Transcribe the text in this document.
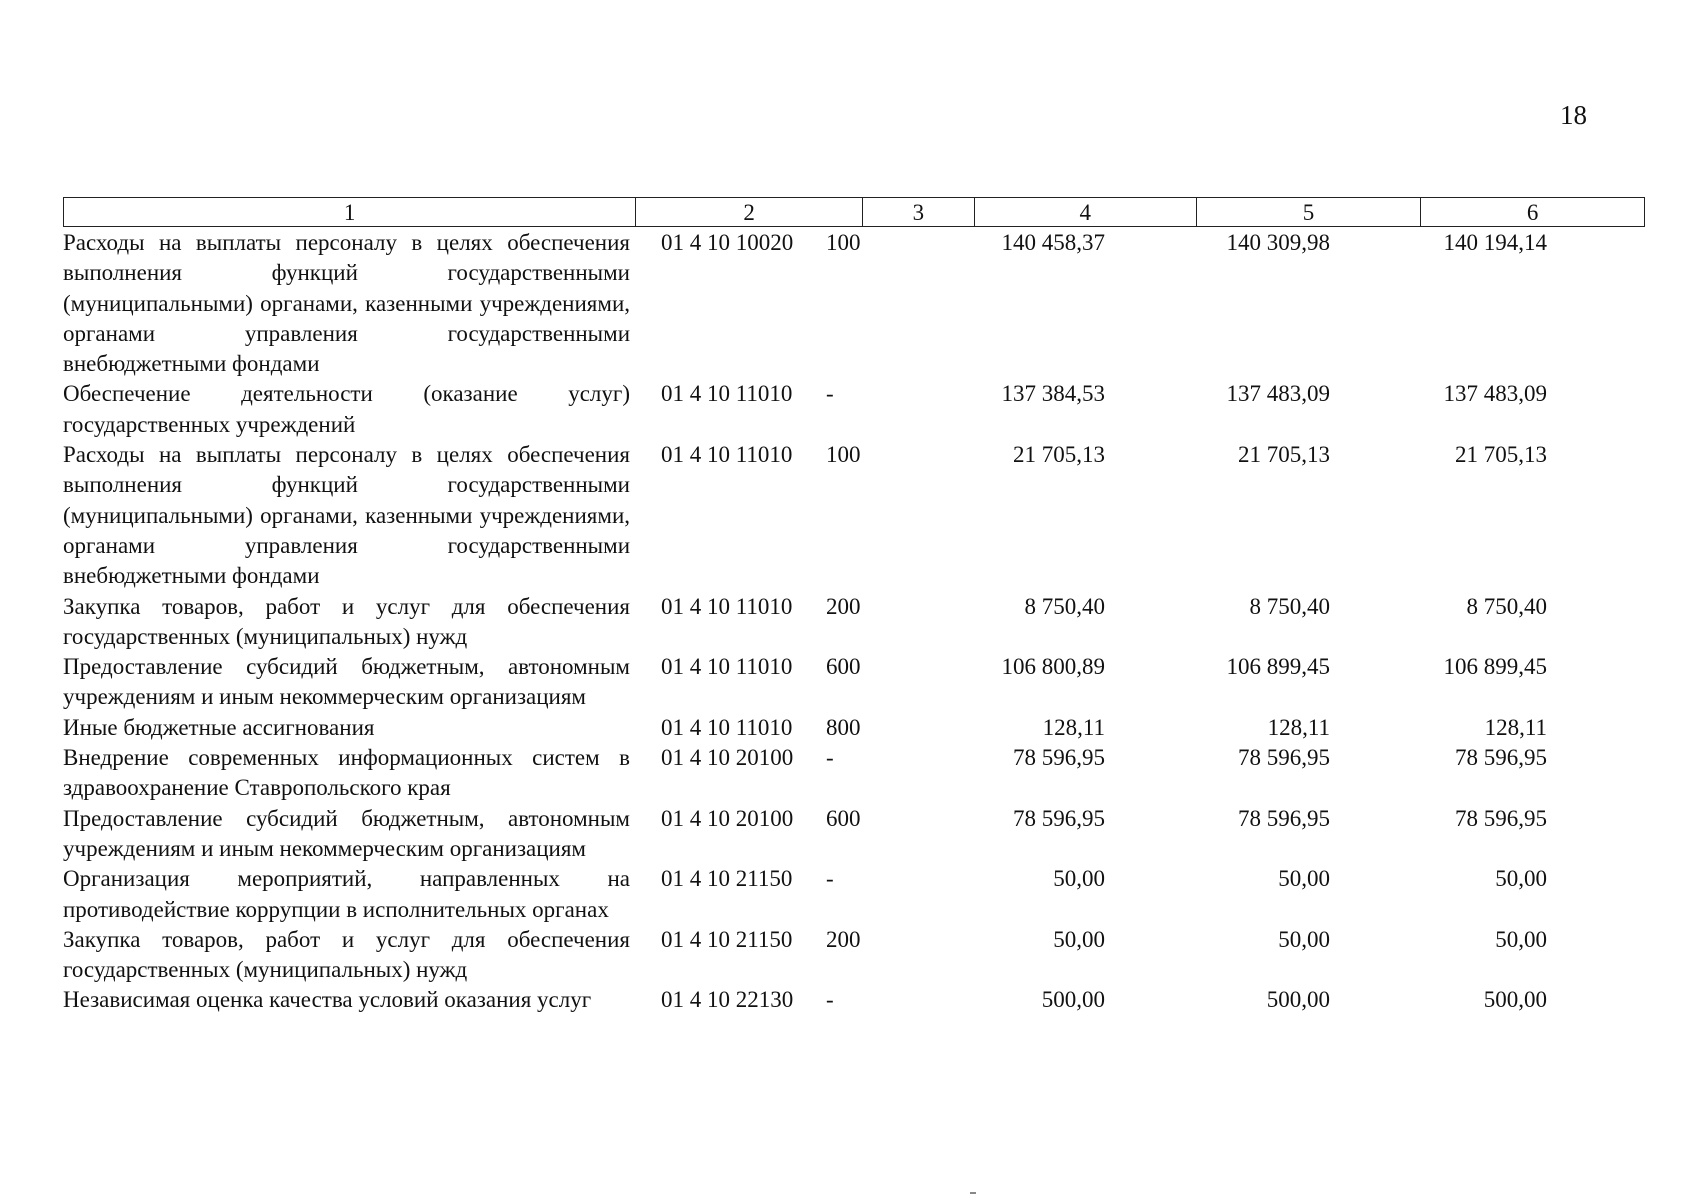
18
1	2	3	4	5	6
Расходы на выплаты персоналу в целях обеспечения выполнения функций государственными (муниципальными) органами, казенными учреждениями, органами управления государственными внебюджетными фондами
01 4 10 10020	100	140 458,37	140 309,98	140 194,14
Обеспечение деятельности (оказание услуг) государственных учреждений
01 4 10 11010	-	137 384,53	137 483,09	137 483,09
Расходы на выплаты персоналу в целях обеспечения выполнения функций государственными (муниципальными) органами, казенными учреждениями, органами управления государственными внебюджетными фондами
01 4 10 11010	100	21 705,13	21 705,13	21 705,13
Закупка товаров, работ и услуг для обеспечения государственных (муниципальных) нужд
01 4 10 11010	200	8 750,40	8 750,40	8 750,40
Предоставление субсидий бюджетным, автономным учреждениям и иным некоммерческим организациям
01 4 10 11010	600	106 800,89	106 899,45	106 899,45
Иные бюджетные ассигнования	01 4 10 11010	800	128,11	128,11	128,11
Внедрение современных информационных систем в здравоохранение Ставропольского края
01 4 10 20100	-	78 596,95	78 596,95	78 596,95
Предоставление субсидий бюджетным, автономным учреждениям и иным некоммерческим организациям
01 4 10 20100	600	78 596,95	78 596,95	78 596,95
Организация мероприятий, направленных на противодействие коррупции в исполнительных органах
01 4 10 21150	-	50,00	50,00	50,00
Закупка товаров, работ и услуг для обеспечения государственных (муниципальных) нужд
01 4 10 21150	200	50,00	50,00	50,00
Независимая оценка качества условий оказания услуг	01 4 10 22130	-	500,00	500,00	500,00
